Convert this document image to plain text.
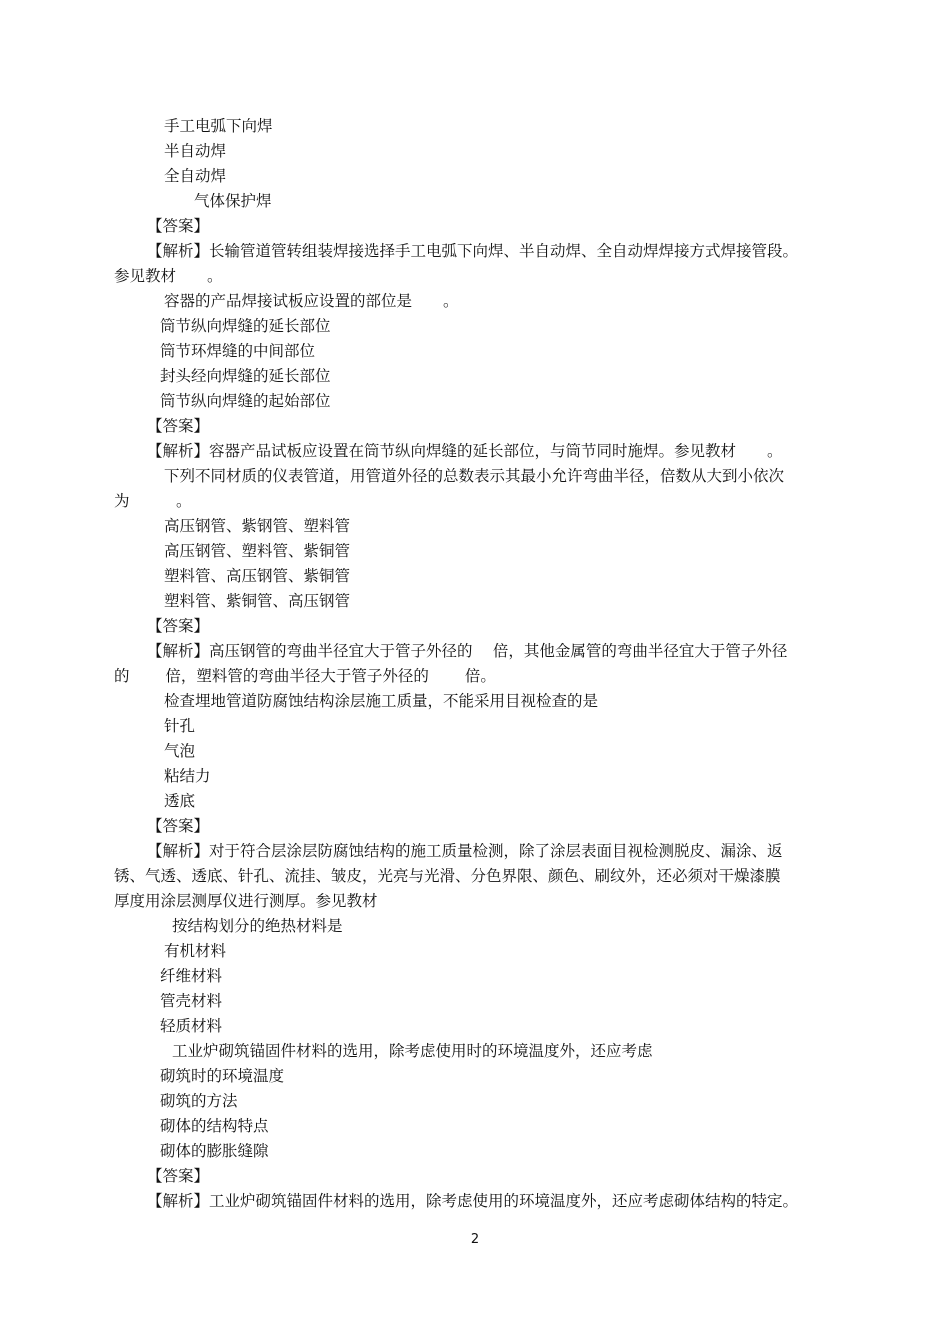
手工电弧下向焊
半自动焊
全自动焊
气体保护焊
【答案】
【解析】长输管道管转组装焊接选择手工电弧下向焊、半自动焊、全自动焊焊接方式焊接管段。
参见教材　　。
容器的产品焊接试板应设置的部位是　　。
筒节纵向焊缝的延长部位
筒节环焊缝的中间部位
封头经向焊缝的延长部位
筒节纵向焊缝的起始部位
【答案】
【解析】容器产品试板应设置在筒节纵向焊缝的延长部位，与筒节同时施焊。参见教材　　。
下列不同材质的仪表管道，用管道外径的总数表示其最小允许弯曲半径，倍数从大到小依次
为　　　。
高压钢管、紫钢管、塑料管
高压钢管、塑料管、紫铜管
塑料管、高压钢管、紫铜管
塑料管、紫铜管、高压钢管
【答案】
【解析】高压钢管的弯曲半径宜大于管子外径的　 倍，其他金属管的弯曲半径宜大于管子外径
的　　 倍，塑料管的弯曲半径大于管子外径的　　 倍。
检查埋地管道防腐蚀结构涂层施工质量，不能采用目视检查的是
针孔
气泡
粘结力
透底
【答案】
【解析】对于符合层涂层防腐蚀结构的施工质量检测，除了涂层表面目视检测脱皮、漏涂、返
锈、气透、透底、针孔、流挂、皱皮，光亮与光滑、分色界限、颜色、刷纹外，还必须对干燥漆膜
厚度用涂层测厚仪进行测厚。参见教材
按结构划分的绝热材料是
有机材料
纤维材料
管壳材料
轻质材料
工业炉砌筑锚固件材料的选用，除考虑使用时的环境温度外，还应考虑
砌筑时的环境温度
砌筑的方法
砌体的结构特点
砌体的膨胀缝隙
【答案】
【解析】工业炉砌筑锚固件材料的选用，除考虑使用的环境温度外，还应考虑砌体结构的特定。
2
